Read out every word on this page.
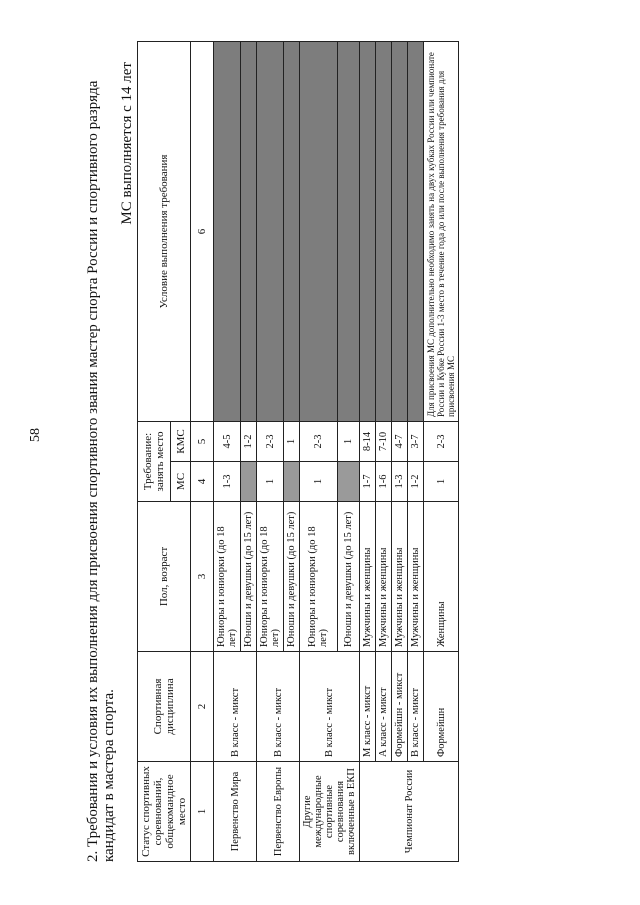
58	2. Требования и условия их выполнения для присвоения спортивного звания мастер спорта России и спортивного разряда кандидат в мастера спорта.
МС выполняется с 14 лет
Статус спортивных соревнований, общекомандное место	Спортивная дисциплина	Пол, возраст	Требование: занять место		Условие выполнения требования
			МС	КМС	
1	2	3	4	5	6
Первенство Мира	В класс - микст	Юниоры и юниорки (до 18 лет)	1-3	4-5	
		Юноши и девушки (до 15 лет)		1-2	
Первенство Европы	В класс - микст	Юниоры и юниорки (до 18 лет)	1	2-3	
		Юноши и девушки (до 15 лет)		1	
Другие международные спортивные соревнования включенные в ЕКП	В класс - микст	Юниоры и юниорки (до 18 лет)	1	2-3	
		Юноши и девушки (до 15 лет)		1	
Чемпионат России	М класс - микст	Мужчины и женщины	1-7	8-14	
	А класс - микст	Мужчины и женщины	1-6	7-10	
	Формейшн - микст	Мужчины и женщины	1-3	4-7	
	В класс - микст	Мужчины и женщины	1-2	3-7	
	Формейшн	Женщины	1	2-3	Для присвоения МС дополнительно необходимо занять на двух кубках России или чемпионате России и Кубке России 1-3 место в течение года до или после выполнения требования для присвоения МС
